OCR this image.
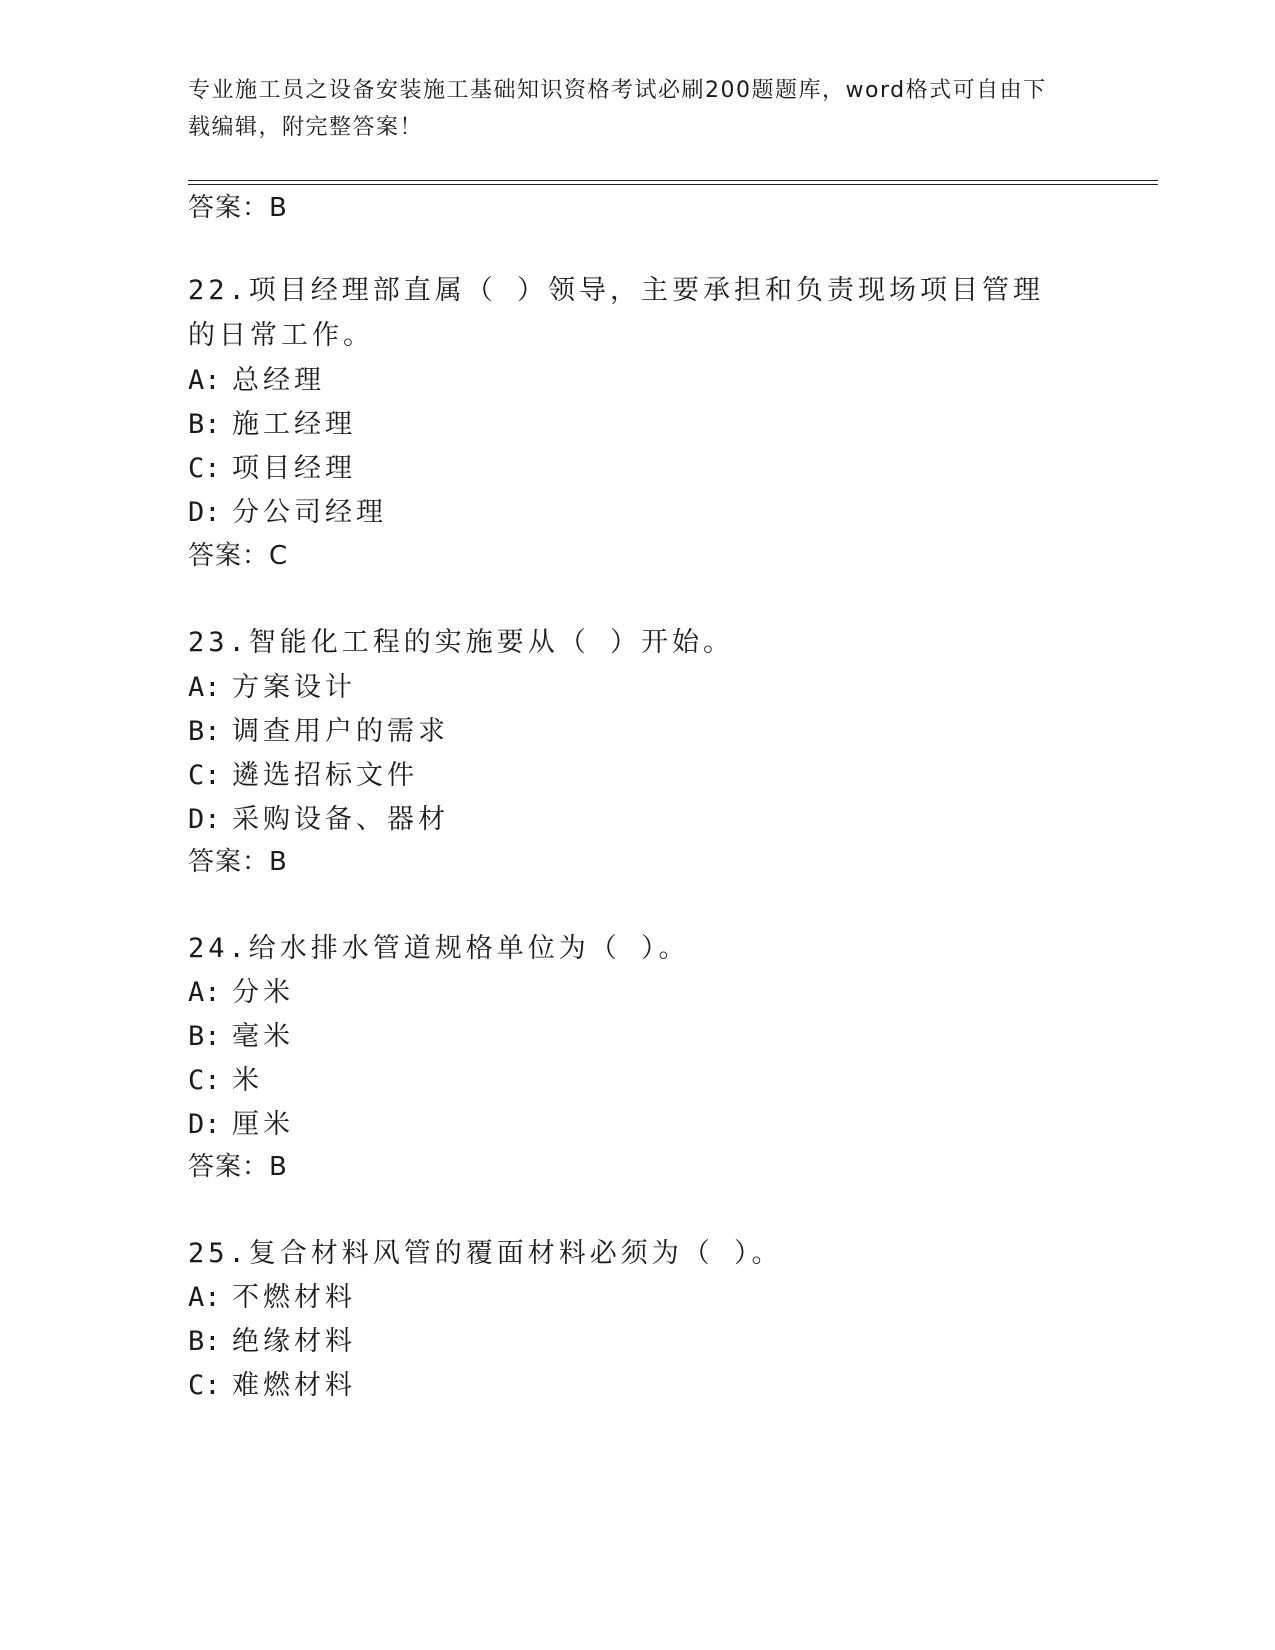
专业施工员之设备安装施工基础知识资格考试必刷200题题库，word格式可自由下载编辑，附完整答案！
答案：B
22.项目经理部直属（ ）领导，主要承担和负责现场项目管理的日常工作。
A: 总经理
B: 施工经理
C: 项目经理
D: 分公司经理
答案：C
23.智能化工程的实施要从（ ）开始。
A: 方案设计
B: 调查用户的需求
C: 遴选招标文件
D: 采购设备、器材
答案：B
24.给水排水管道规格单位为（ ）。
A: 分米
B: 毫米
C: 米
D: 厘米
答案：B
25.复合材料风管的覆面材料必须为（ ）。
A: 不燃材料
B: 绝缘材料
C: 难燃材料
